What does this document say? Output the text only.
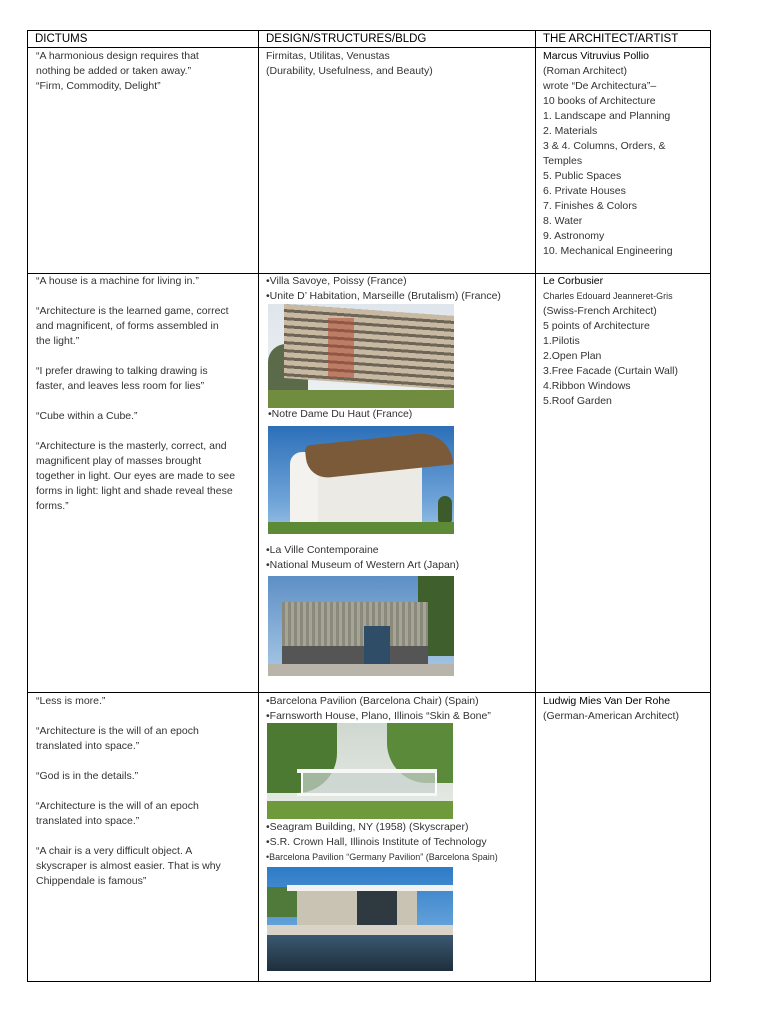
DICTUMS	DESIGN/STRUCTURES/BLDG	THE ARCHITECT/ARTIST

“A harmonious design requires that

nothing be added or taken away.”

“Firm, Commodity, Delight”

Firmitas, Utilitas, Venustas

(Durability, Usefulness, and Beauty)

Marcus Vitruvius Pollio

(Roman Architect)

wrote “De Architectura”–

10 books of Architecture

1. Landscape and Planning

2. Materials

3 & 4. Columns, Orders, &

Temples

5. Public Spaces

6. Private Houses

7. Finishes & Colors

8. Water

9. Astronomy

10. Mechanical Engineering

“A house is a machine for living in.”

“Architecture is the learned game, correct

and magnificent, of forms assembled in

the light.”

“I prefer drawing to talking drawing is

faster, and leaves less room for lies”

“Cube within a Cube.”

“Architecture is the masterly, correct, and

magnificent play of masses brought

together in light. Our eyes are made to see

forms in light: light and shade reveal these

forms.”

•Villa Savoye, Poissy (France)

•Unite D’ Habitation, Marseille (Brutalism) (France)

•Notre Dame Du Haut (France)

•La Ville Contemporaine

•National Museum of Western Art (Japan)

Le Corbusier

Charles Edouard Jeanneret-Gris

(Swiss-French Architect)

5 points of Architecture

1.Pilotis

2.Open Plan

3.Free Facade (Curtain Wall)

4.Ribbon Windows

5.Roof Garden

“Less is more.”

“Architecture is the will of an epoch

translated into space.”

“God is in the details.”

“Architecture is the will of an epoch

translated into space.”

“A chair is a very difficult object. A

skyscraper is almost easier. That is why

Chippendale is famous”

•Barcelona Pavilion (Barcelona Chair) (Spain)

•Farnsworth House, Plano, Illinois “Skin & Bone”

•Seagram Building, NY (1958) (Skyscraper)

•S.R. Crown Hall, Illinois Institute of Technology

•Barcelona Pavilion “Germany Pavilion” (Barcelona Spain)

Ludwig Mies Van Der Rohe

(German-American Architect)
